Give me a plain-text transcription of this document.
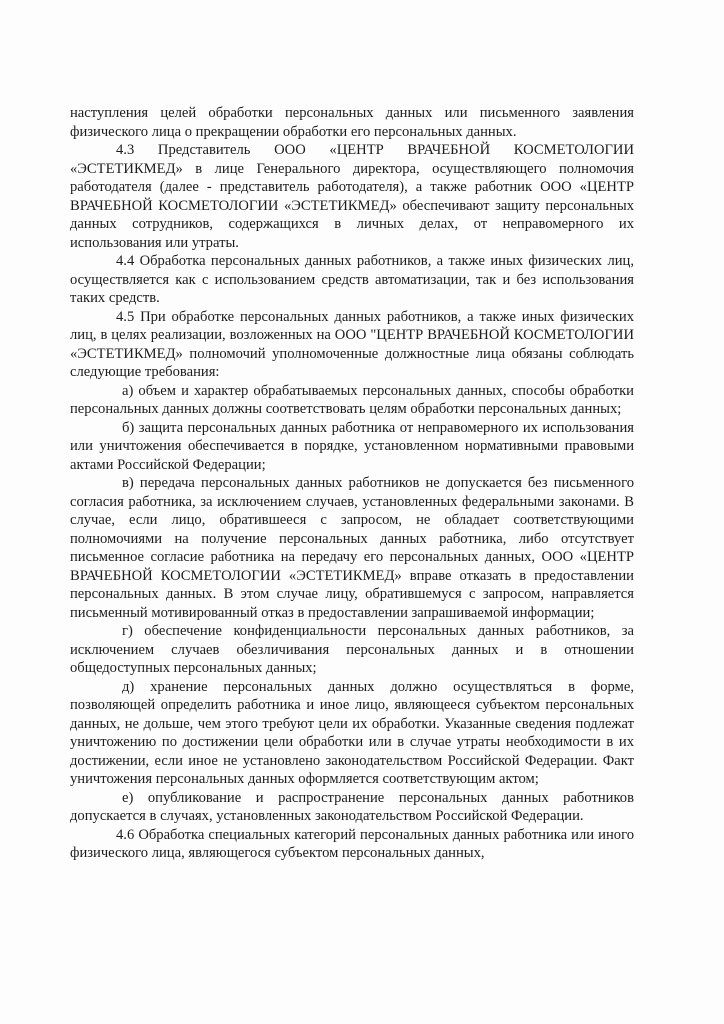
наступления целей обработки персональных данных или письменного заявления физического лица о прекращении обработки его персональных данных.

4.3 Представитель ООО «ЦЕНТР ВРАЧЕБНОЙ КОСМЕТОЛОГИИ «ЭСТЕТИКМЕД» в лице Генерального директора, осуществляющего полномочия работодателя (далее - представитель работодателя), а также работник ООО «ЦЕНТР ВРАЧЕБНОЙ КОСМЕТОЛОГИИ «ЭСТЕТИКМЕД» обеспечивают защиту персональных данных сотрудников, содержащихся в личных делах, от неправомерного их использования или утраты.

4.4 Обработка персональных данных работников, а также иных физических лиц, осуществляется как с использованием средств автоматизации, так и без использования таких средств.

4.5 При обработке персональных данных работников, а также иных физических лиц, в целях реализации, возложенных на ООО "ЦЕНТР ВРАЧЕБНОЙ КОСМЕТОЛОГИИ «ЭСТЕТИКМЕД» полномочий уполномоченные должностные лица обязаны соблюдать следующие требования:

а) объем и характер обрабатываемых персональных данных, способы обработки персональных данных должны соответствовать целям обработки персональных данных;

б) защита персональных данных работника от неправомерного их использования или уничтожения обеспечивается в порядке, установленном нормативными правовыми актами Российской Федерации;

в) передача персональных данных работников не допускается без письменного согласия работника, за исключением случаев, установленных федеральными законами. В случае, если лицо, обратившееся с запросом, не обладает соответствующими полномочиями на получение персональных данных работника, либо отсутствует письменное согласие работника на передачу его персональных данных, ООО «ЦЕНТР ВРАЧЕБНОЙ КОСМЕТОЛОГИИ «ЭСТЕТИКМЕД» вправе отказать в предоставлении персональных данных. В этом случае лицу, обратившемуся с запросом, направляется письменный мотивированный отказ в предоставлении запрашиваемой информации;

г) обеспечение конфиденциальности персональных данных работников, за исключением случаев обезличивания персональных данных и в отношении общедоступных персональных данных;

д) хранение персональных данных должно осуществляться в форме, позволяющей определить работника и иное лицо, являющееся субъектом персональных данных, не дольше, чем этого требуют цели их обработки. Указанные сведения подлежат уничтожению по достижении цели обработки или в случае утраты необходимости в их достижении, если иное не установлено законодательством Российской Федерации. Факт уничтожения персональных данных оформляется соответствующим актом;

е) опубликование и распространение персональных данных работников допускается в случаях, установленных законодательством Российской Федерации.

4.6 Обработка специальных категорий персональных данных работника или иного физического лица, являющегося субъектом персональных данных,
